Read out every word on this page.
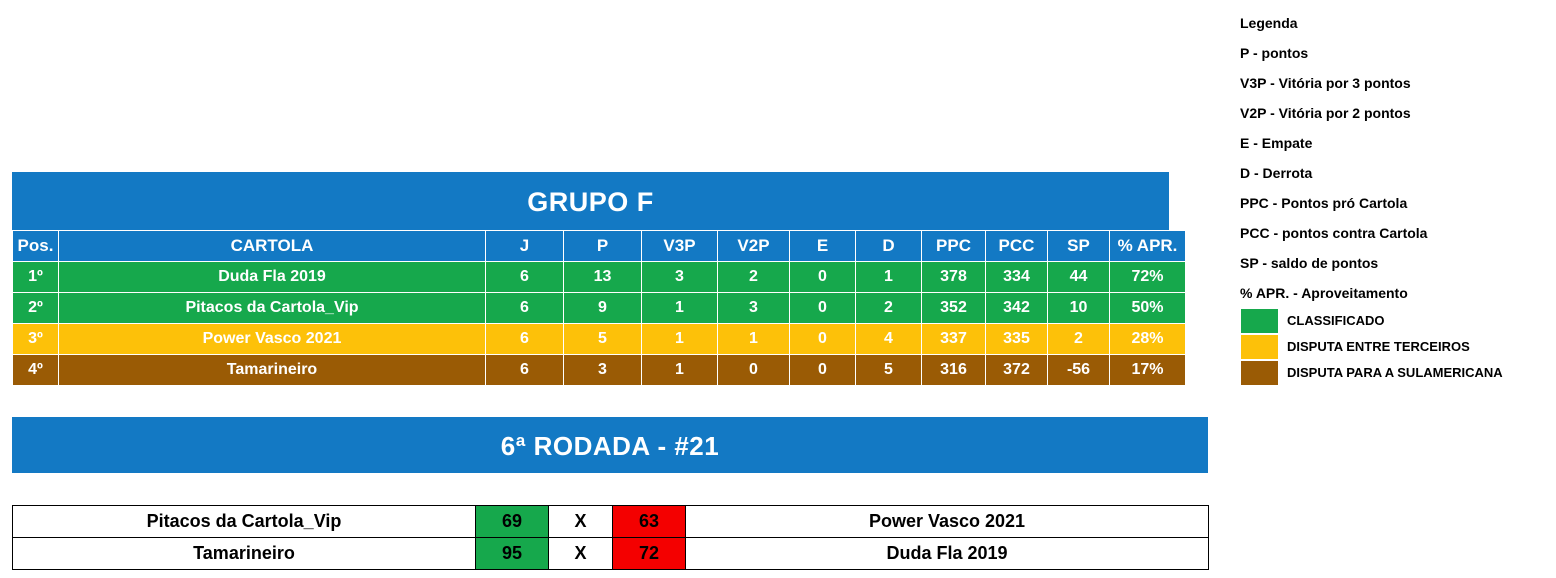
GRUPO F
Pos.	CARTOLA	J	P	V3P	V2P	E	D	PPC	PCC	SP	% APR.
1º	Duda Fla 2019	6	13	3	2	0	1	378	334	44	72%
2º	Pitacos da Cartola_Vip	6	9	1	3	0	2	352	342	10	50%
3º	Power Vasco 2021	6	5	1	1	0	4	337	335	2	28%
4º	Tamarineiro	6	3	1	0	0	5	316	372	-56	17%
6ª RODADA - #21
Pitacos da Cartola_Vip	69	X	63	Power Vasco 2021
Tamarineiro	95	X	72	Duda Fla 2019
Legenda
P - pontos
V3P - Vitória por 3 pontos
V2P - Vitória por 2 pontos
E - Empate
D - Derrota
PPC - Pontos pró Cartola
PCC - pontos contra Cartola
SP - saldo de pontos
% APR. - Aproveitamento
CLASSIFICADO
DISPUTA ENTRE TERCEIROS
DISPUTA PARA A SULAMERICANA
